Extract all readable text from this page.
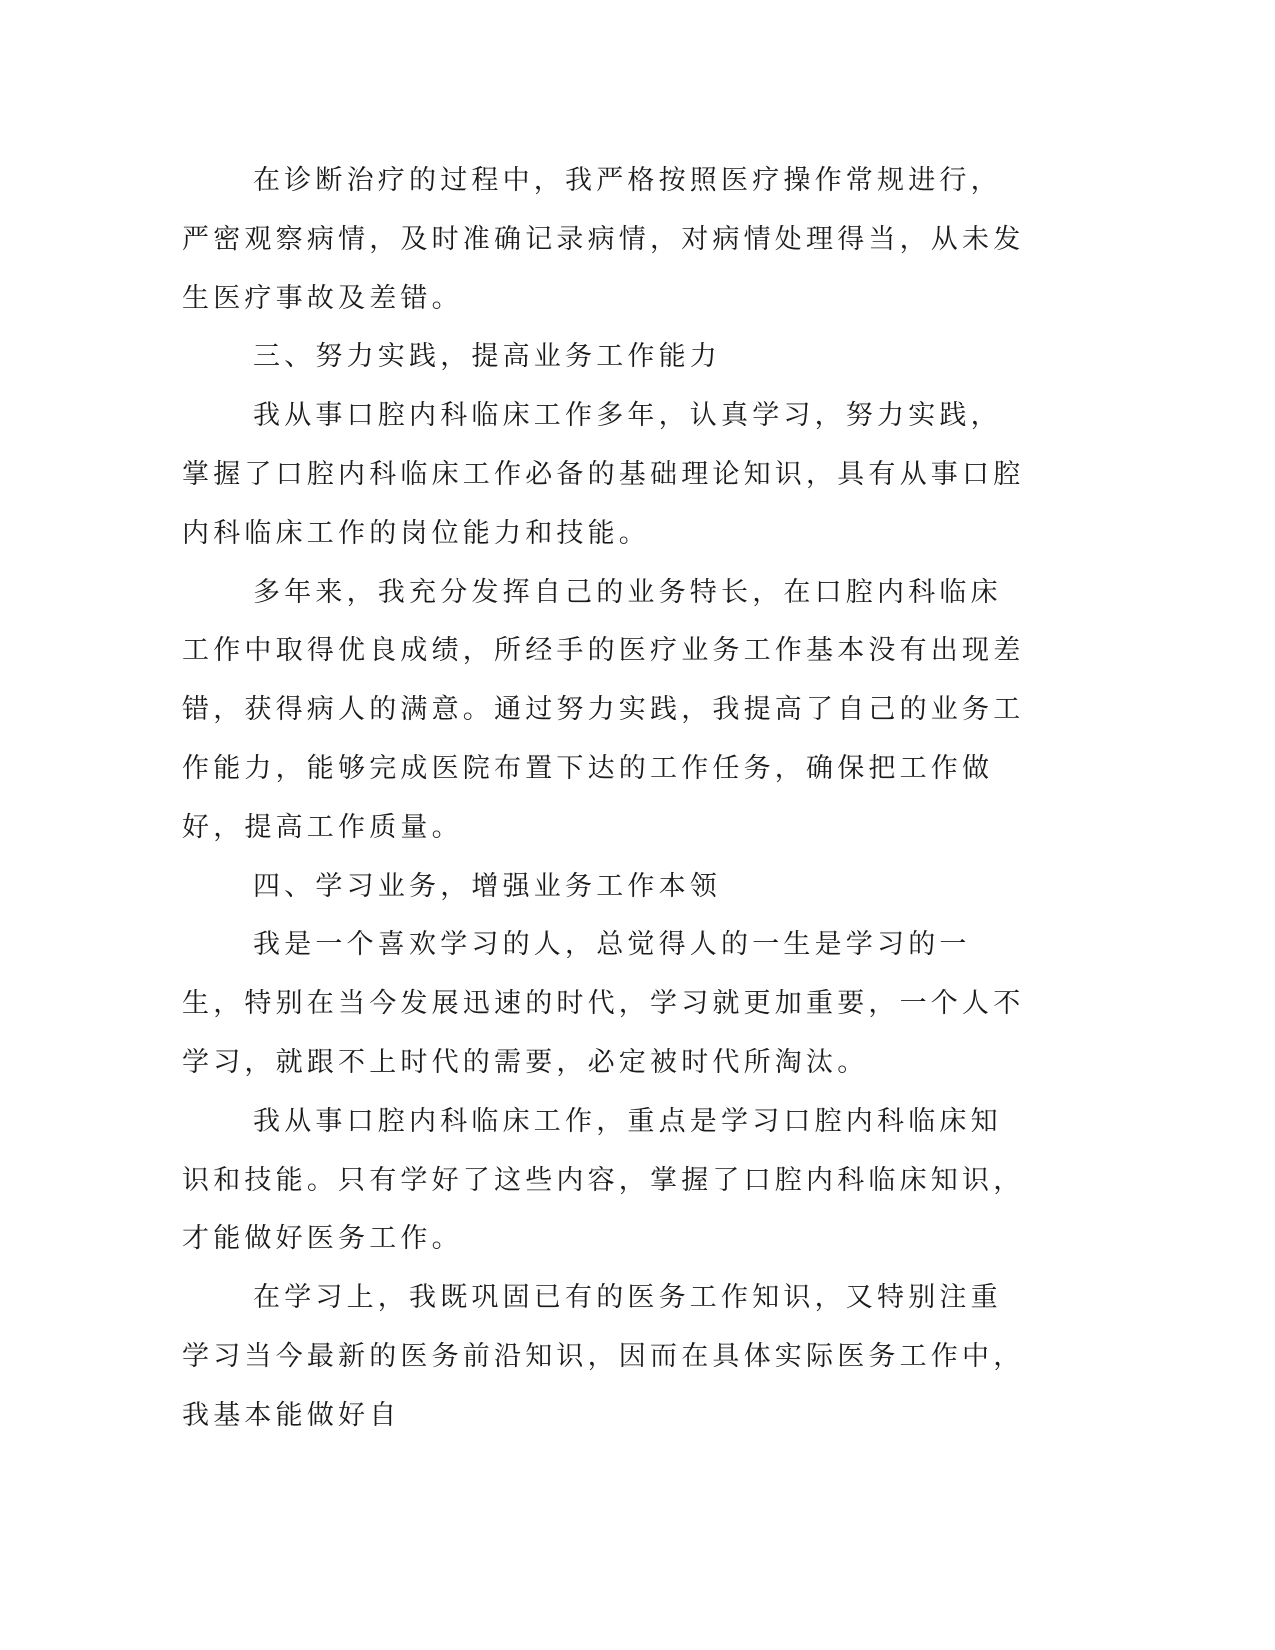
在诊断治疗的过程中，我严格按照医疗操作常规进行，严密观察病情，及时准确记录病情，对病情处理得当，从未发生医疗事故及差错。

三、努力实践，提高业务工作能力

我从事口腔内科临床工作多年，认真学习，努力实践，掌握了口腔内科临床工作必备的基础理论知识，具有从事口腔内科临床工作的岗位能力和技能。

多年来，我充分发挥自己的业务特长，在口腔内科临床工作中取得优良成绩，所经手的医疗业务工作基本没有出现差错，获得病人的满意。通过努力实践，我提高了自己的业务工作能力，能够完成医院布置下达的工作任务，确保把工作做好，提高工作质量。

四、学习业务，增强业务工作本领

我是一个喜欢学习的人，总觉得人的一生是学习的一生，特别在当今发展迅速的时代，学习就更加重要，一个人不学习，就跟不上时代的需要，必定被时代所淘汰。

我从事口腔内科临床工作，重点是学习口腔内科临床知识和技能。只有学好了这些内容，掌握了口腔内科临床知识，才能做好医务工作。

在学习上，我既巩固已有的医务工作知识，又特别注重学习当今最新的医务前沿知识，因而在具体实际医务工作中，我基本能做好自
